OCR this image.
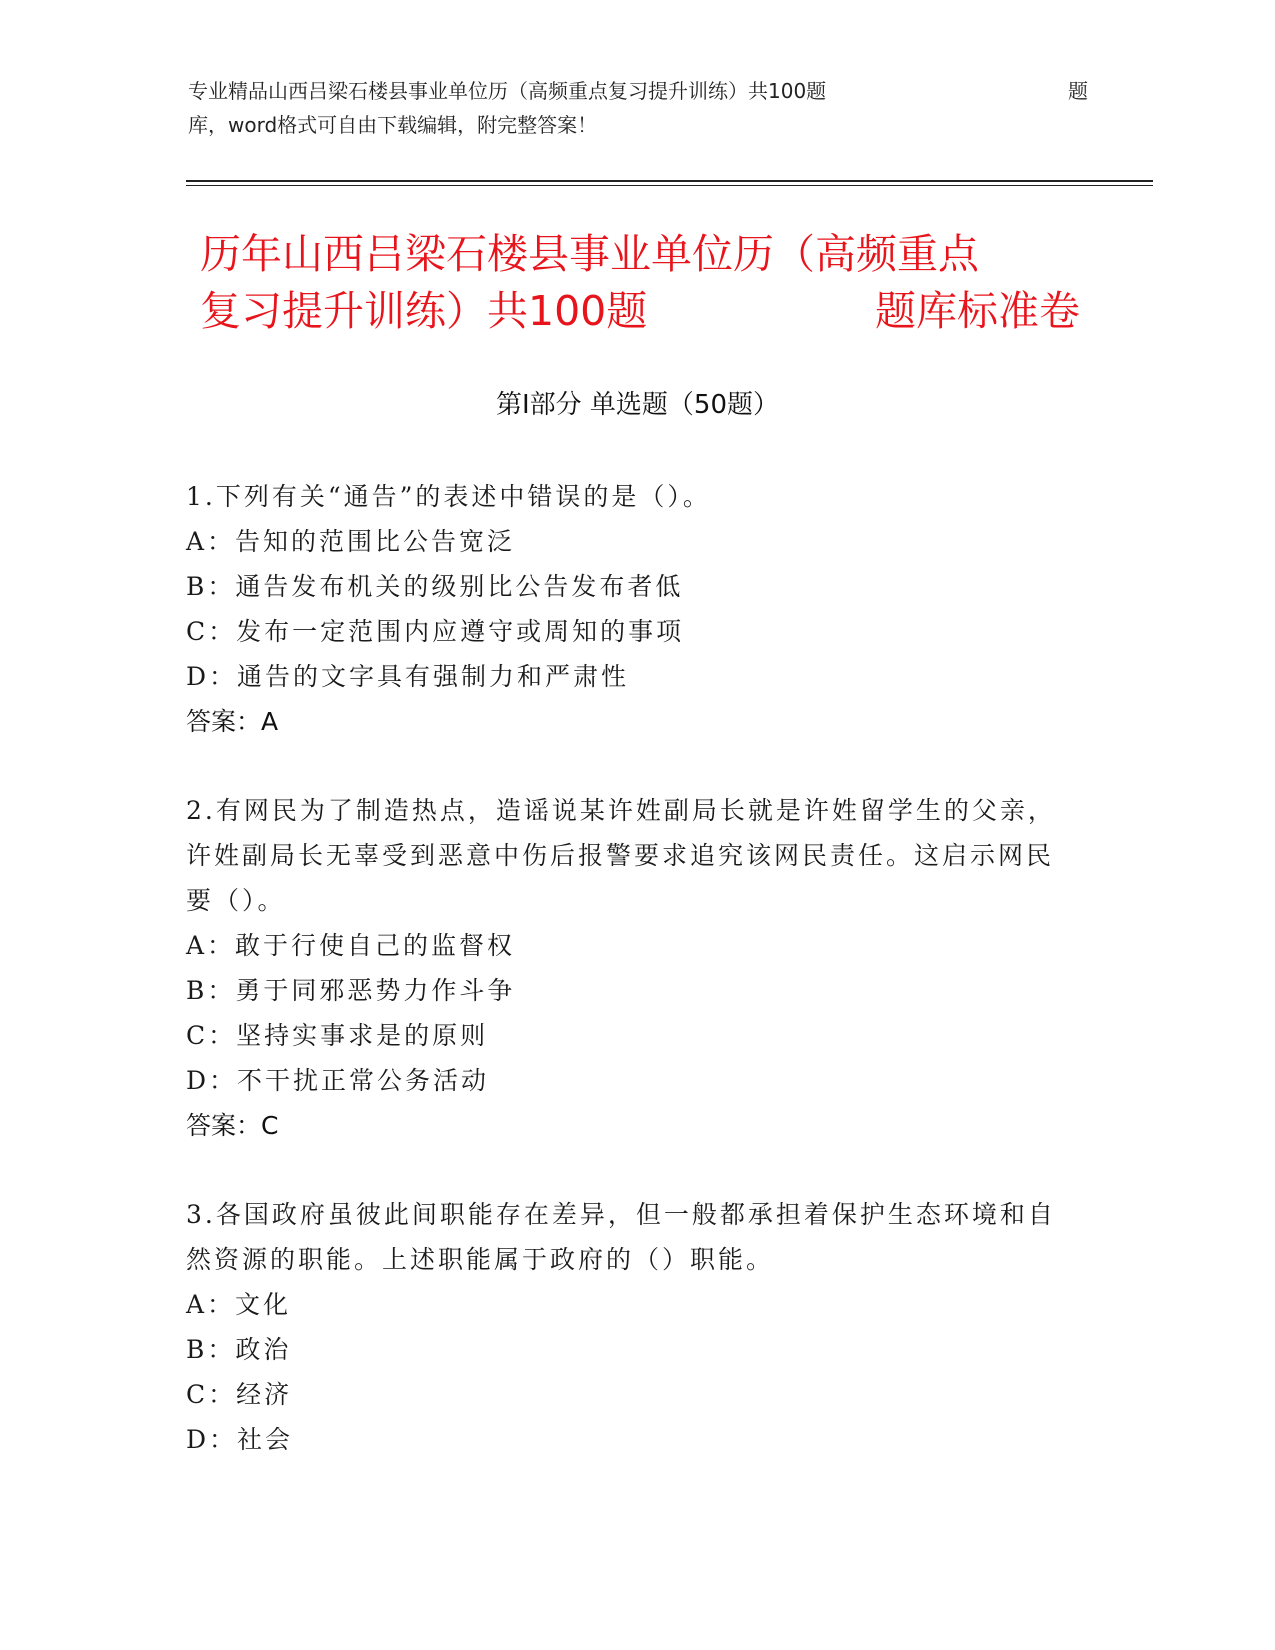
专业精品山西吕梁石楼县事业单位历（高频重点复习提升训练）共100题	题
库，word格式可自由下载编辑，附完整答案！
历年山西吕梁石楼县事业单位历（高频重点
复习提升训练）共100题	题库标准卷
第Ⅰ部分 单选题（50题）
1.下列有关“通告”的表述中错误的是（）。
A：告知的范围比公告宽泛
B：通告发布机关的级别比公告发布者低
C：发布一定范围内应遵守或周知的事项
D：通告的文字具有强制力和严肃性
答案：A
2.有网民为了制造热点，造谣说某许姓副局长就是许姓留学生的父亲，许姓副局长无辜受到恶意中伤后报警要求追究该网民责任。这启示网民要（）。
A：敢于行使自己的监督权
B：勇于同邪恶势力作斗争
C：坚持实事求是的原则
D：不干扰正常公务活动
答案：C
3.各国政府虽彼此间职能存在差异，但一般都承担着保护生态环境和自然资源的职能。上述职能属于政府的（）职能。
A：文化
B：政治
C：经济
D：社会
